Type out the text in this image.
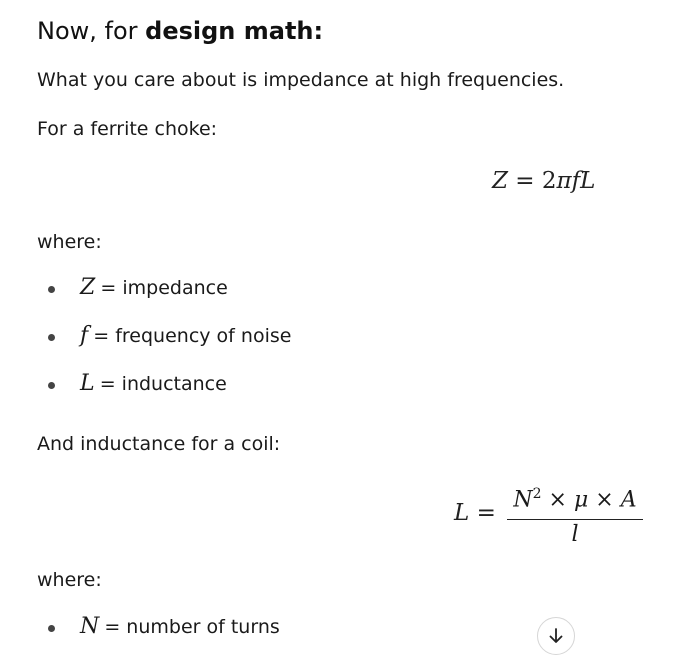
Now, for design math:
What you care about is impedance at high frequencies.
For a ferrite choke:
Z = 2πfL
where:
Z = impedance
f = frequency of noise
L = inductance
And inductance for a coil:
L =
$N^2 \times \mu \times A$
l
where:
N = number of turns
